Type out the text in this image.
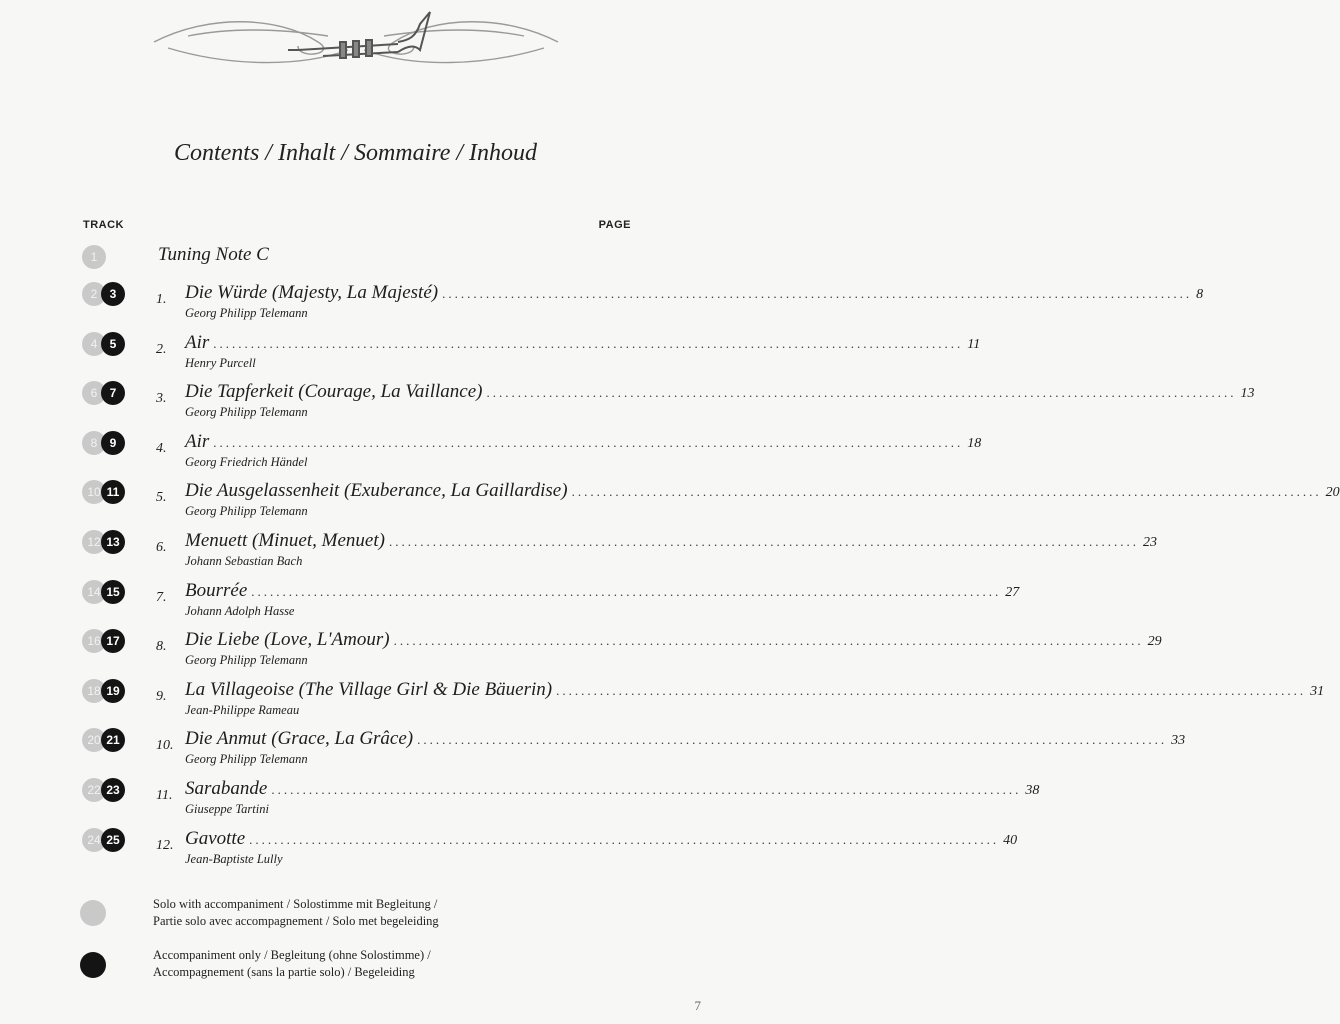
Contents / Inhalt / Sommaire / Inhoud
TRACK	PAGE
1	Tuning Note C
2	3	1. Die Würde (Majesty, La Majesté) ........................................................................................................................ 8
Georg Philipp Telemann
4	5	2. Air ........................................................................................................................ 11
Henry Purcell
6	7	3. Die Tapferkeit (Courage, La Vaillance) ........................................................................................................................ 13
Georg Philipp Telemann
8	9	4. Air ........................................................................................................................ 18
Georg Friedrich Händel
10 11	5. Die Ausgelassenheit (Exuberance, La Gaillardise) ........................................................................................................................ 20
Georg Philipp Telemann
12 13	6. Menuett (Minuet, Menuet) ........................................................................................................................ 23
Johann Sebastian Bach
14 15	7. Bourrée ........................................................................................................................ 27
Johann Adolph Hasse
16 17	8. Die Liebe (Love, L'Amour) ........................................................................................................................ 29
Georg Philipp Telemann
18 19	9. La Villageoise (The Village Girl & Die Bäuerin) ........................................................................................................................ 31
Jean-Philippe Rameau
20 21	10. Die Anmut (Grace, La Grâce) ........................................................................................................................ 33
Georg Philipp Telemann
22 23	11. Sarabande ........................................................................................................................ 38
Giuseppe Tartini
24 25	12. Gavotte ........................................................................................................................ 40
Jean-Baptiste Lully
Solo with accompaniment / Solostimme mit Begleitung /
Partie solo avec accompagnement / Solo met begeleiding
Accompaniment only / Begleitung (ohne Solostimme) /
Accompagnement (sans la partie solo) / Begeleiding
7
